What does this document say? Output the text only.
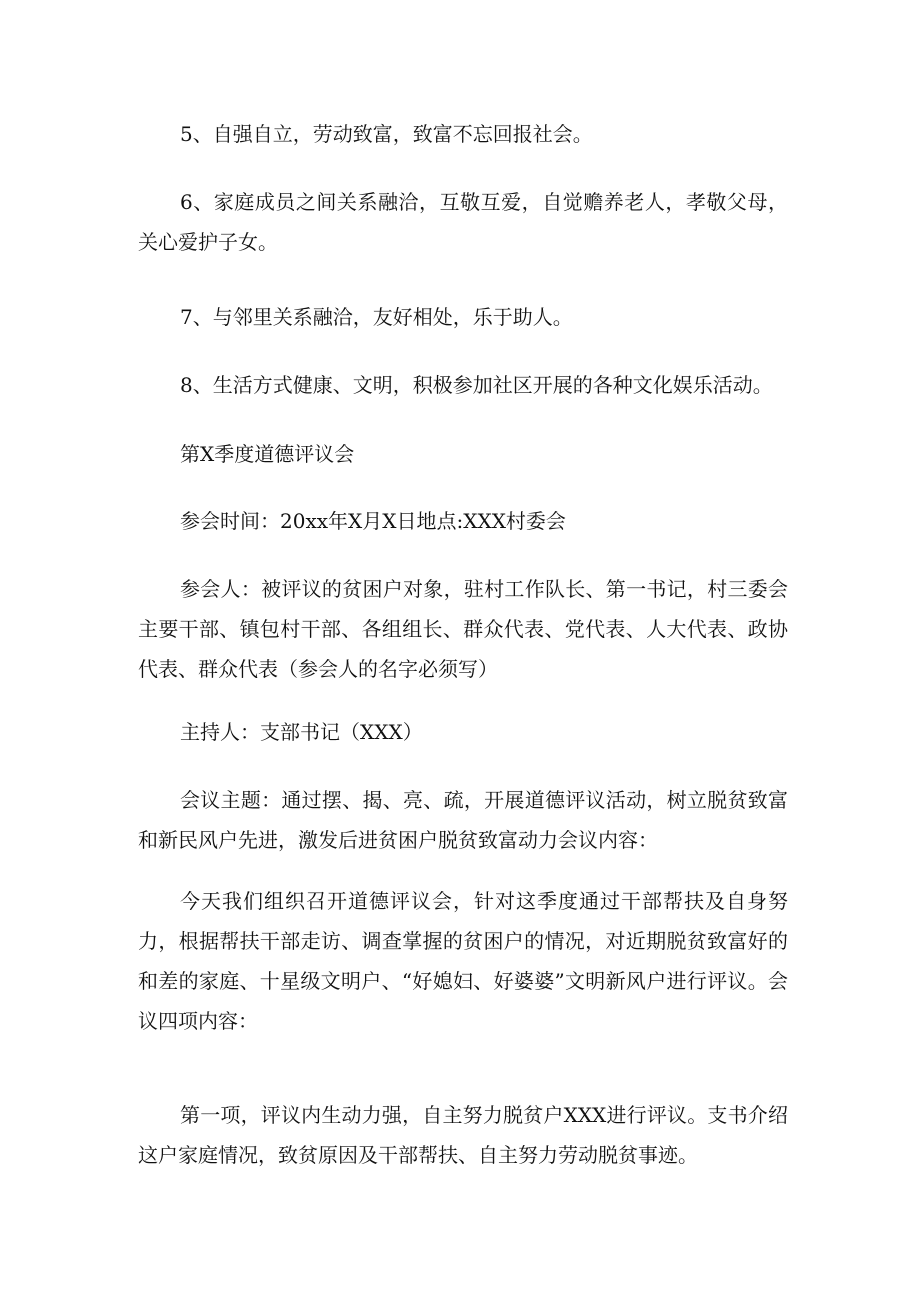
5、自强自立，劳动致富，致富不忘回报社会。

6、家庭成员之间关系融洽，互敬互爱，自觉赡养老人，孝敬父母，关心爱护子女。

7、与邻里关系融洽，友好相处，乐于助人。

8、生活方式健康、文明，积极参加社区开展的各种文化娱乐活动。

第X季度道德评议会

参会时间：20xx年X月X日地点:XXX村委会

参会人：被评议的贫困户对象，驻村工作队长、第一书记，村三委会主要干部、镇包村干部、各组组长、群众代表、党代表、人大代表、政协代表、群众代表（参会人的名字必须写）

主持人：支部书记（XXX）

会议主题：通过摆、揭、亮、疏，开展道德评议活动，树立脱贫致富和新民风户先进，激发后进贫困户脱贫致富动力会议内容：

今天我们组织召开道德评议会，针对这季度通过干部帮扶及自身努力，根据帮扶干部走访、调查掌握的贫困户的情况，对近期脱贫致富好的和差的家庭、十星级文明户、“好媳妇、好婆婆”文明新风户进行评议。会议四项内容：

第一项，评议内生动力强，自主努力脱贫户XXX进行评议。支书介绍这户家庭情况，致贫原因及干部帮扶、自主努力劳动脱贫事迹。
